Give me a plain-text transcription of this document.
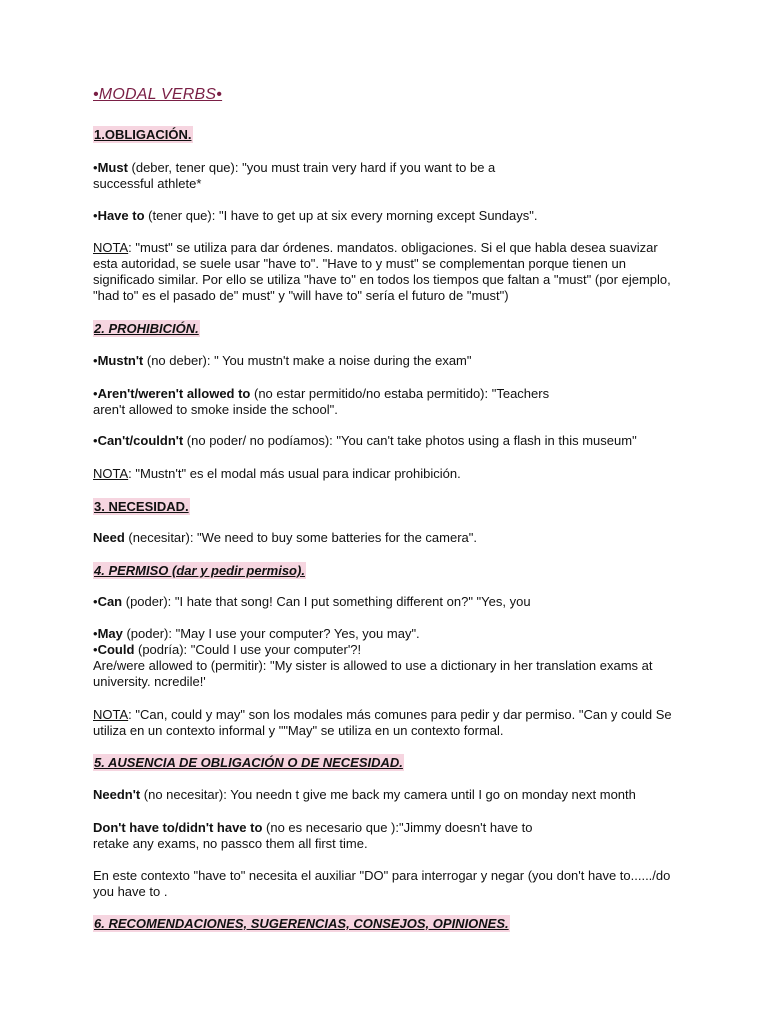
•MODAL VERBS•
1.OBLIGACIÓN.
•Must (deber, tener que): "you must train very hard if you want to be a
successful athlete*
•Have to (tener que): "I have to get up at six every morning except Sundays".
NOTA: "must" se utiliza para dar órdenes. mandatos. obligaciones. Si el que habla desea suavizar
esta autoridad, se suele usar "have to". "Have to y must" se complementan porque tienen un
significado similar. Por ello se utiliza "have to" en todos los tiempos que faltan a "must" (por ejemplo,
"had to" es el pasado de" must" y "will have to" sería el futuro de "must")
2. PROHIBICIÓN.
•Mustn't (no deber): " You mustn't make a noise during the exam"
•Aren't/weren't allowed to (no estar permitido/no estaba permitido): "Teachers
aren't allowed to smoke inside the school".
•Can't/couldn't (no poder/ no podíamos): "You can't take photos using a flash in this museum"
NOTA: "Mustn't" es el modal más usual para indicar prohibición.
3. NECESIDAD.
Need (necesitar): "We need to buy some batteries for the camera".
4. PERMISO (dar y pedir permiso).
•Can (poder): "I hate that song! Can I put something different on?" "Yes, you
•May (poder): "May I use your computer? Yes, you may".
•Could (podría): "Could I use your computer'?!
Are/were allowed to (permitir): "My sister is allowed to use a dictionary in her translation exams at
university. ncredile!'
NOTA: "Can, could y may" son los modales más comunes para pedir y dar permiso. "Can y could Se
utiliza en un contexto informal y ""May" se utiliza en un contexto formal.
5. AUSENCIA DE OBLIGACIÓN O DE NECESIDAD.
Needn't (no necesitar): You needn t give me back my camera until I go on monday next month
Don't have to/didn't have to (no es necesario que ):"Jimmy doesn't have to
retake any exams, no passco them all first time.
En este contexto "have to" necesita el auxiliar "DO" para interrogar y negar (you don't have to....../do
you have to .
6. RECOMENDACIONES, SUGERENCIAS, CONSEJOS, OPINIONES.
